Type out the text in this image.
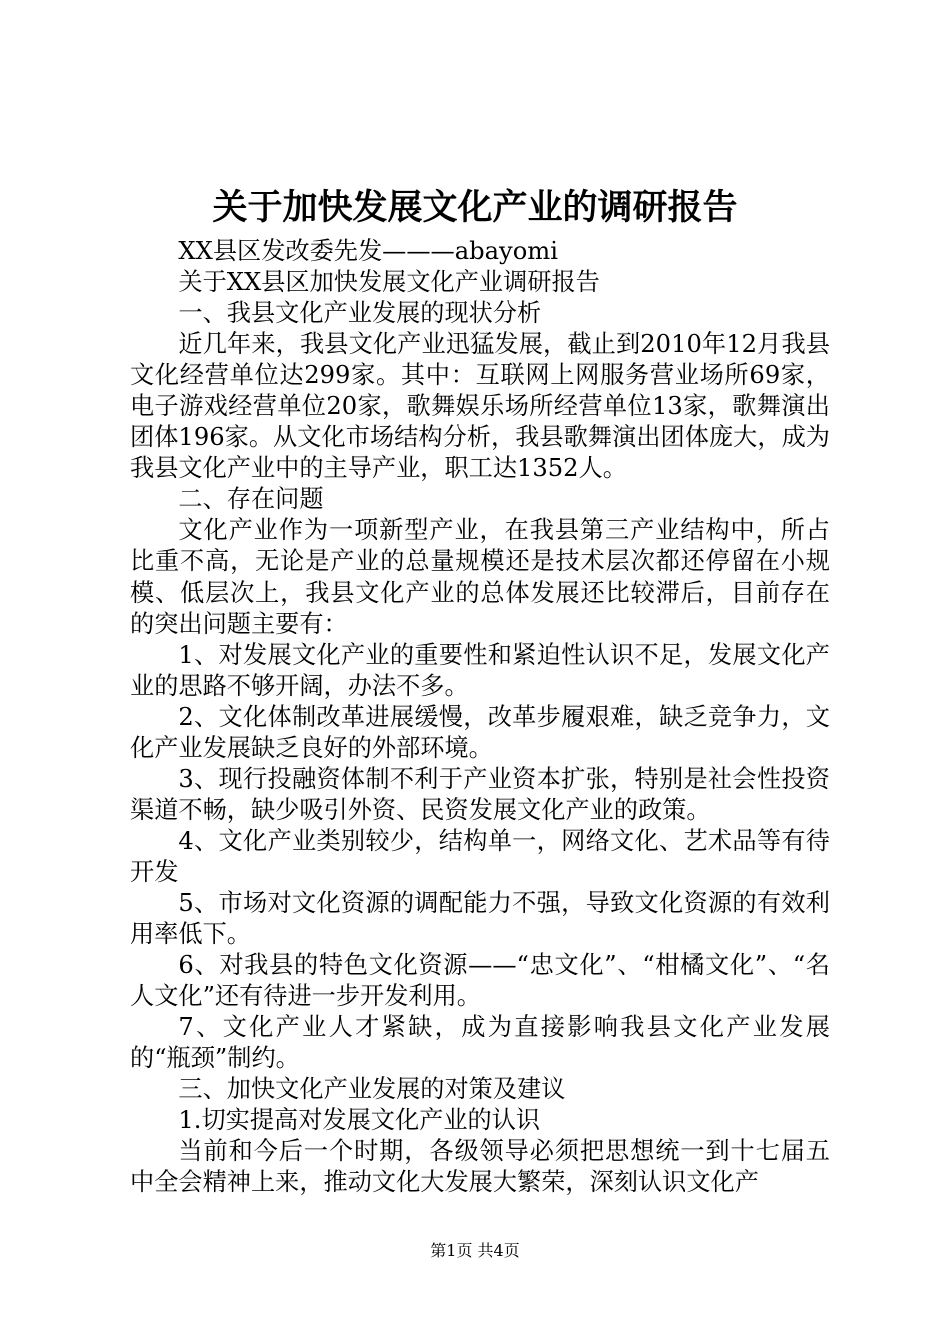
关于加快发展文化产业的调研报告

XX县区发改委先发———abayomi

关于XX县区加快发展文化产业调研报告

一、我县文化产业发展的现状分析

近几年来，我县文化产业迅猛发展，截止到2010年12月我县文化经营单位达299家。其中：互联网上网服务营业场所69家，电子游戏经营单位20家，歌舞娱乐场所经营单位13家，歌舞演出团体196家。从文化市场结构分析，我县歌舞演出团体庞大，成为我县文化产业中的主导产业，职工达1352人。

二、存在问题

文化产业作为一项新型产业，在我县第三产业结构中，所占比重不高，无论是产业的总量规模还是技术层次都还停留在小规模、低层次上，我县文化产业的总体发展还比较滞后，目前存在的突出问题主要有：

1、对发展文化产业的重要性和紧迫性认识不足，发展文化产业的思路不够开阔，办法不多。

2、文化体制改革进展缓慢，改革步履艰难，缺乏竞争力，文化产业发展缺乏良好的外部环境。

3、现行投融资体制不利于产业资本扩张，特别是社会性投资渠道不畅，缺少吸引外资、民资发展文化产业的政策。

4、文化产业类别较少，结构单一，网络文化、艺术品等有待开发

5、市场对文化资源的调配能力不强，导致文化资源的有效利用率低下。

6、对我县的特色文化资源——“忠文化”、“柑橘文化”、“名人文化”还有待进一步开发利用。

7、文化产业人才紧缺，成为直接影响我县文化产业发展的“瓶颈”制约。

三、加快文化产业发展的对策及建议

1.切实提高对发展文化产业的认识

当前和今后一个时期，各级领导必须把思想统一到十七届五中全会精神上来，推动文化大发展大繁荣，深刻认识文化产

第1页 共4页
